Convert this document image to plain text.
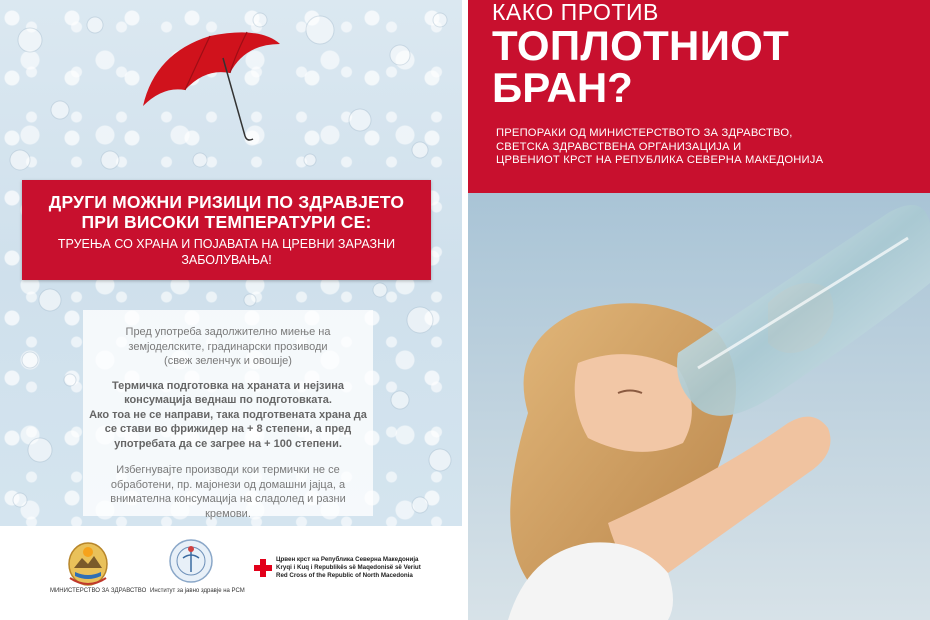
ДРУГИ МОЖНИ РИЗИЦИ ПО ЗДРАВЈЕТО
ПРИ ВИСОКИ ТЕМПЕРАТУРИ СЕ:
ТРУЕЊА СО ХРАНА И ПОЈАВАТА НА ЦРЕВНИ ЗАРАЗНИ
ЗАБОЛУВАЊА!

Пред употреба задолжително миење на
земјоделските, градинарски прозиводи
(свеж зеленчук и овошје)

Термичка подготовка на храната и нејзина
консумација веднаш по подготовката.
Ако тоа не се направи, така подготвената храна да
се стави во фрижидер на + 8 степени, а пред
употребата да се загрее на + 100 степени.

Избегнувајте производи кои термички не се
обработени, пр. мајонези од домашни јајца, а
внимателна консумација на сладолед и разни
кремови.

МИНИСТЕРСТВО ЗА ЗДРАВСТВО Институт за јавно здравје на РСМ
Црвен крст на Република Северна Македонија
Kryqi i Kuq i Republikës së Maqedonisë së Veriut
Red Cross of the Republic of North Macedonia
КАКО ПРОТИВ
ТОПЛОТНИОТ
БРАН?
ПРЕПОРАКИ ОД МИНИСТЕРСТВОТО ЗА ЗДРАВСТВО,
СВЕТСКА ЗДРАВСТВЕНА ОРГАНИЗАЦИЈА И
ЦРВЕНИОТ КРСТ НА РЕПУБЛИКА СЕВЕРНА МАКЕДОНИЈА
